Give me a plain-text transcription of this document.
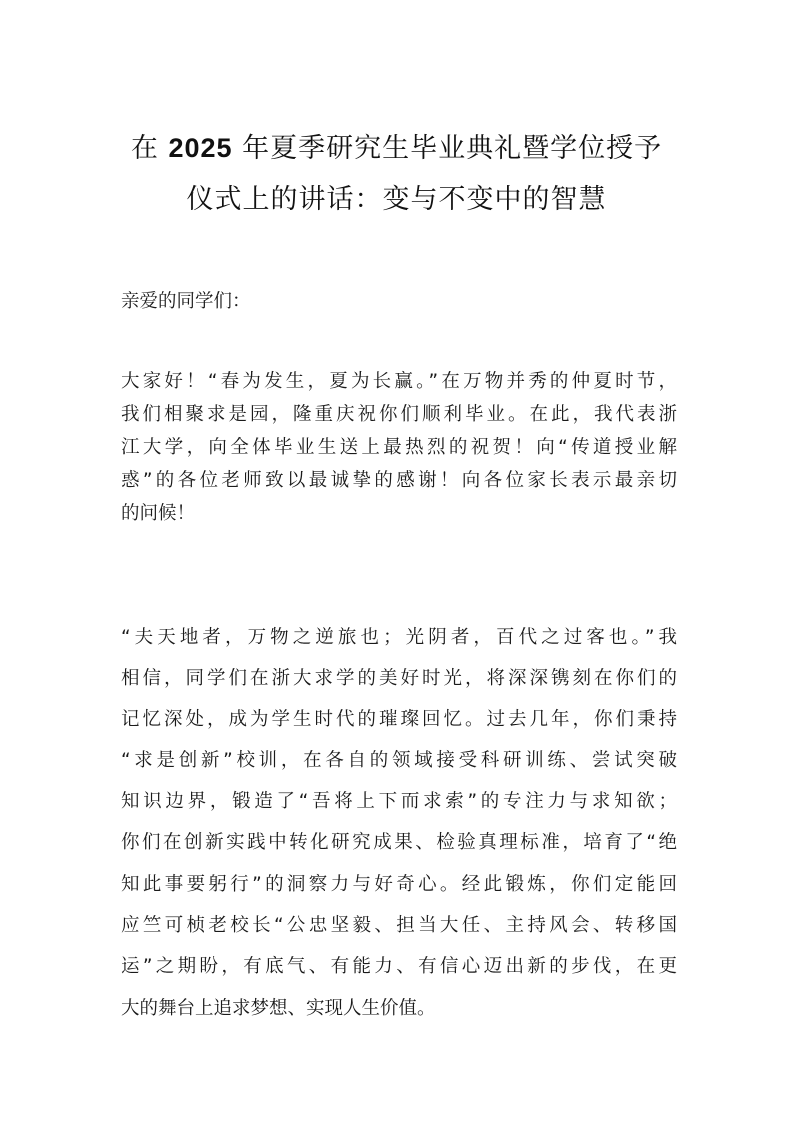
在 2025 年夏季研究生毕业典礼暨学位授予
仪式上的讲话：变与不变中的智慧
亲爱的同学们：
大家好！“春为发生，夏为长赢。”在万物并秀的仲夏时节，
我们相聚求是园，隆重庆祝你们顺利毕业。在此，我代表浙
江大学，向全体毕业生送上最热烈的祝贺！向“传道授业解
惑”的各位老师致以最诚挚的感谢！向各位家长表示最亲切
的问候！
“夫天地者，万物之逆旅也；光阴者，百代之过客也。”我
相信，同学们在浙大求学的美好时光，将深深镌刻在你们的
记忆深处，成为学生时代的璀璨回忆。过去几年，你们秉持
“求是创新”校训，在各自的领域接受科研训练、尝试突破
知识边界，锻造了“吾将上下而求索”的专注力与求知欲；
你们在创新实践中转化研究成果、检验真理标准，培育了“绝
知此事要躬行”的洞察力与好奇心。经此锻炼，你们定能回
应竺可桢老校长“公忠坚毅、担当大任、主持风会、转移国
运”之期盼，有底气、有能力、有信心迈出新的步伐，在更
大的舞台上追求梦想、实现人生价值。
